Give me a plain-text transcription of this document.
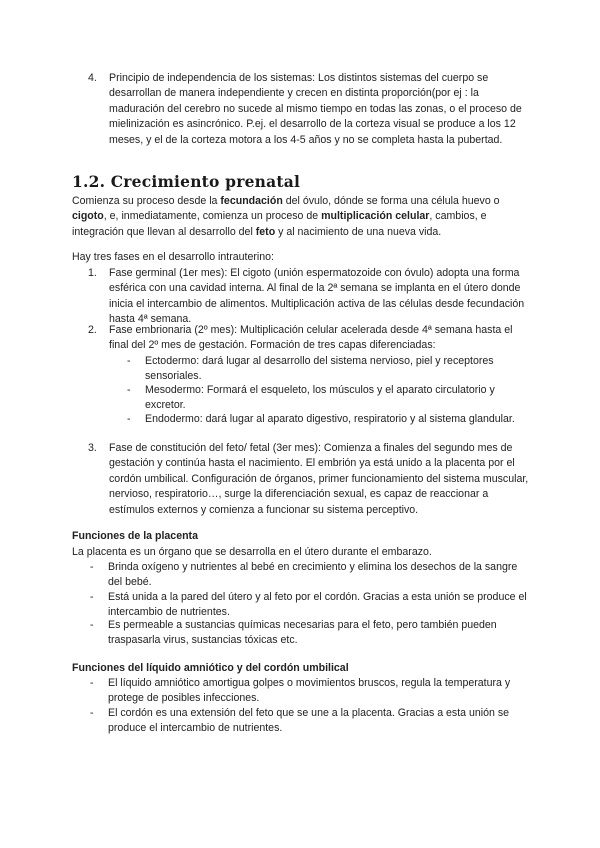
4. Principio de independencia de los sistemas: Los distintos sistemas del cuerpo se desarrollan de manera independiente y crecen en distinta proporción(por ej : la maduración del cerebro no sucede al mismo tiempo en todas las zonas, o el proceso de mielinización es asincrónico. P.ej. el desarrollo de la corteza visual se produce a los 12 meses, y el de la corteza motora a los 4-5 años y no se completa hasta la pubertad.

1.2. Crecimiento prenatal

Comienza su proceso desde la fecundación del óvulo, dónde se forma una célula huevo o cigoto, e, inmediatamente, comienza un proceso de multiplicación celular, cambios, e integración que llevan al desarrollo del feto y al nacimiento de una nueva vida.

Hay tres fases en el desarrollo intrauterino:

1. Fase germinal (1er mes): El cigoto (unión espermatozoide con óvulo) adopta una forma esférica con una cavidad interna. Al final de la 2ª semana se implanta en el útero donde inicia el intercambio de alimentos. Multiplicación activa de las células desde fecundación hasta 4ª semana.

2. Fase embrionaria (2º mes): Multiplicación celular acelerada desde 4ª semana hasta el final del 2º mes de gestación. Formación de tres capas diferenciadas:

- Ectodermo: dará lugar al desarrollo del sistema nervioso, piel y receptores sensoriales.

- Mesodermo: Formará el esqueleto, los músculos y el aparato circulatorio y excretor.

- Endodermo: dará lugar al aparato digestivo, respiratorio y al sistema glandular.

3. Fase de constitución del feto/ fetal (3er mes): Comienza a finales del segundo mes de gestación y continúa hasta el nacimiento. El embrión ya está unido a la placenta por el cordón umbilical. Configuración de órganos, primer funcionamiento del sistema muscular, nervioso, respiratorio…, surge la diferenciación sexual, es capaz de reaccionar a estímulos externos y comienza a funcionar su sistema perceptivo.

Funciones de la placenta

La placenta es un órgano que se desarrolla en el útero durante el embarazo.

- Brinda oxígeno y nutrientes al bebé en crecimiento y elimina los desechos de la sangre del bebé.

- Está unida a la pared del útero y al feto por el cordón. Gracias a esta unión se produce el intercambio de nutrientes.

- Es permeable a sustancias químicas necesarias para el feto, pero también pueden traspasarla virus, sustancias tóxicas etc.

Funciones del líquido amniótico y del cordón umbilical

- El líquido amniótico amortigua golpes o movimientos bruscos, regula la temperatura y protege de posibles infecciones.

- El cordón es una extensión del feto que se une a la placenta. Gracias a esta unión se produce el intercambio de nutrientes.
